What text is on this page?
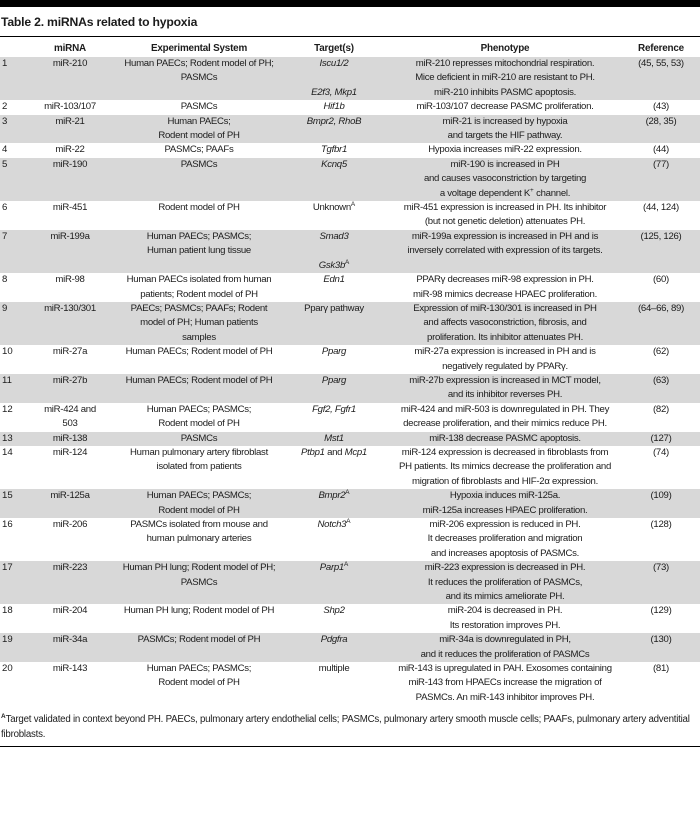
Table 2. miRNAs related to hypoxia
	miRNA	Experimental System	Target(s)	Phenotype	Reference
1	miR-210	Human PAECs; Rodent model of PH;
PASMCs	Iscu1/2

E2f3, Mkp1	miR-210 represses mitochondrial respiration.
Mice deficient in miR-210 are resistant to PH.
miR-210 inhibits PASMC apoptosis.	(45, 55, 53)
2	miR-103/107	PASMCs	Hif1b	miR-103/107 decrease PASMC proliferation.	(43)
3	miR-21	Human PAECs;
Rodent model of PH	Bmpr2, RhoB	miR-21 is increased by hypoxia
and targets the HIF pathway.	(28, 35)
4	miR-22	PASMCs; PAAFs	Tgfbr1	Hypoxia increases miR-22 expression.	(44)
5	miR-190	PASMCs	Kcnq5	miR-190 is increased in PH
and causes vasoconstriction by targeting
a voltage dependent K+ channel.	(77)
6	miR-451	Rodent model of PH	Unknown$^A$	miR-451 expression is increased in PH. Its inhibitor
(but not genetic deletion) attenuates PH.	(44, 124)
7	miR-199a	Human PAECs; PASMCs;
Human patient lung tissue	Smad3

$Gsk3b^A$	miR-199a expression is increased in PH and is
inversely correlated with expression of its targets.	(125, 126)
8	miR-98	Human PAECs isolated from human
patients; Rodent model of PH	Edn1	PPARγ decreases miR-98 expression in PH.
miR-98 mimics decrease HPAEC proliferation.	(60)
9	miR-130/301	PAECs; PASMCs; PAAFs; Rodent
model of PH; Human patients
samples	Pparγ pathway	Expression of miR-130/301 is increased in PH
and affects vasoconstriction, fibrosis, and
proliferation. Its inhibitor attenuates PH.	(64–66, 89)
10	miR-27a	Human PAECs; Rodent model of PH	Pparg	miR-27a expression is increased in PH and is
negatively regulated by PPARγ.	(62)
11	miR-27b	Human PAECs; Rodent model of PH	Pparg	miR-27b expression is increased in MCT model,
and its inhibitor reverses PH.	(63)
12	miR-424 and
503	Human PAECs; PASMCs;
Rodent model of PH	Fgf2, Fgfr1	miR-424 and miR-503 is downregulated in PH. They
decrease proliferation, and their mimics reduce PH.	(82)
13	miR-138	PASMCs	Mst1	miR-138 decrease PASMC apoptosis.	(127)
14	miR-124	Human pulmonary artery fibroblast
isolated from patients	Ptbp1 and Mcp1	miR-124 expression is decreased in fibroblasts from
PH patients. Its mimics decrease the proliferation and
migration of fibroblasts and HIF-2α expression.	(74)
15	miR-125a	Human PAECs; PASMCs;
Rodent model of PH	$Bmpr2^A$	Hypoxia induces miR-125a.
miR-125a increases HPAEC proliferation.	(109)
16	miR-206	PASMCs isolated from mouse and
human pulmonary arteries	$Notch3^A$	miR-206 expression is reduced in PH.
It decreases proliferation and migration
and increases apoptosis of PASMCs.	(128)
17	miR-223	Human PH lung; Rodent model of PH;
PASMCs	$Parp1^A$	miR-223 expression is decreased in PH.
It reduces the proliferation of PASMCs,
and its mimics ameliorate PH.	(73)
18	miR-204	Human PH lung; Rodent model of PH	Shp2	miR-204 is decreased in PH.
Its restoration improves PH.	(129)
19	miR-34a	PASMCs; Rodent model of PH	Pdgfra	miR-34a is downregulated in PH,
and it reduces the proliferation of PASMCs	(130)
20	miR-143	Human PAECs; PASMCs;
Rodent model of PH	multiple	miR-143 is upregulated in PAH. Exosomes containing
miR-143 from HPAECs increase the migration of
PASMCs. An miR-143 inhibitor improves PH.	(81)
$^A$Target validated in context beyond PH. PAECs, pulmonary artery endothelial cells; PASMCs, pulmonary artery smooth muscle cells; PAAFs, pulmonary artery adventitial fibroblasts.
